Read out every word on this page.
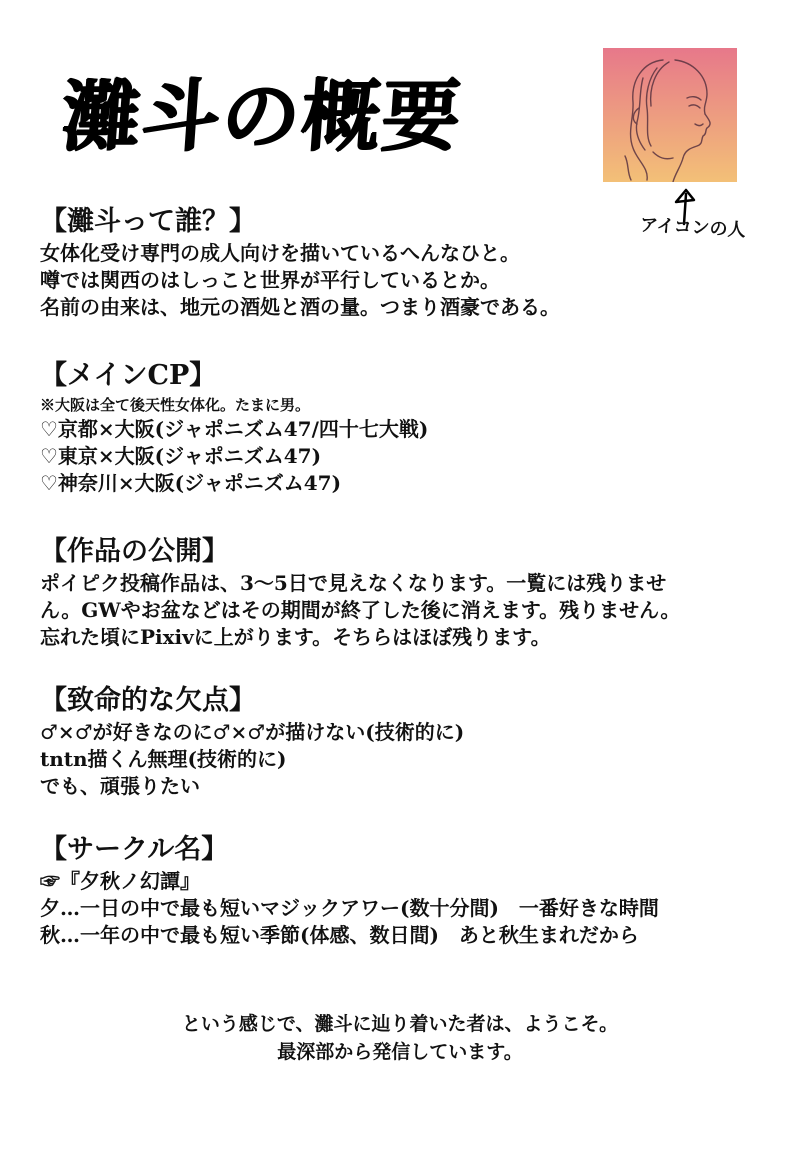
灘斗の概要
アイコンの人
【灘斗って誰？】
女体化受け専門の成人向けを描いているへんなひと。
噂では関西のはしっこと世界が平行しているとか。
名前の由来は、地元の酒処と酒の量。つまり酒豪である。
【メインCP】
※大阪は全て後天性女体化。たまに男。
♡京都×大阪(ジャポニズム47/四十七大戦)
♡東京×大阪(ジャポニズム47)
♡神奈川×大阪(ジャポニズム47)
【作品の公開】
ポイピク投稿作品は、3〜5日で見えなくなります。一覧には残りませ
ん。GWやお盆などはその期間が終了した後に消えます。残りません。
忘れた頃にPixivに上がります。そちらはほぼ残ります。
【致命的な欠点】
♂×♂が好きなのに♂×♂が描けない(技術的に)
tntn描くん無理(技術的に)
でも、頑張りたい
【サークル名】
☞『夕秋ノ幻譚』
夕…一日の中で最も短いマジックアワー(数十分間)　一番好きな時間
秋…一年の中で最も短い季節(体感、数日間)　あと秋生まれだから
という感じで、灘斗に辿り着いた者は、ようこそ。
最深部から発信しています。
